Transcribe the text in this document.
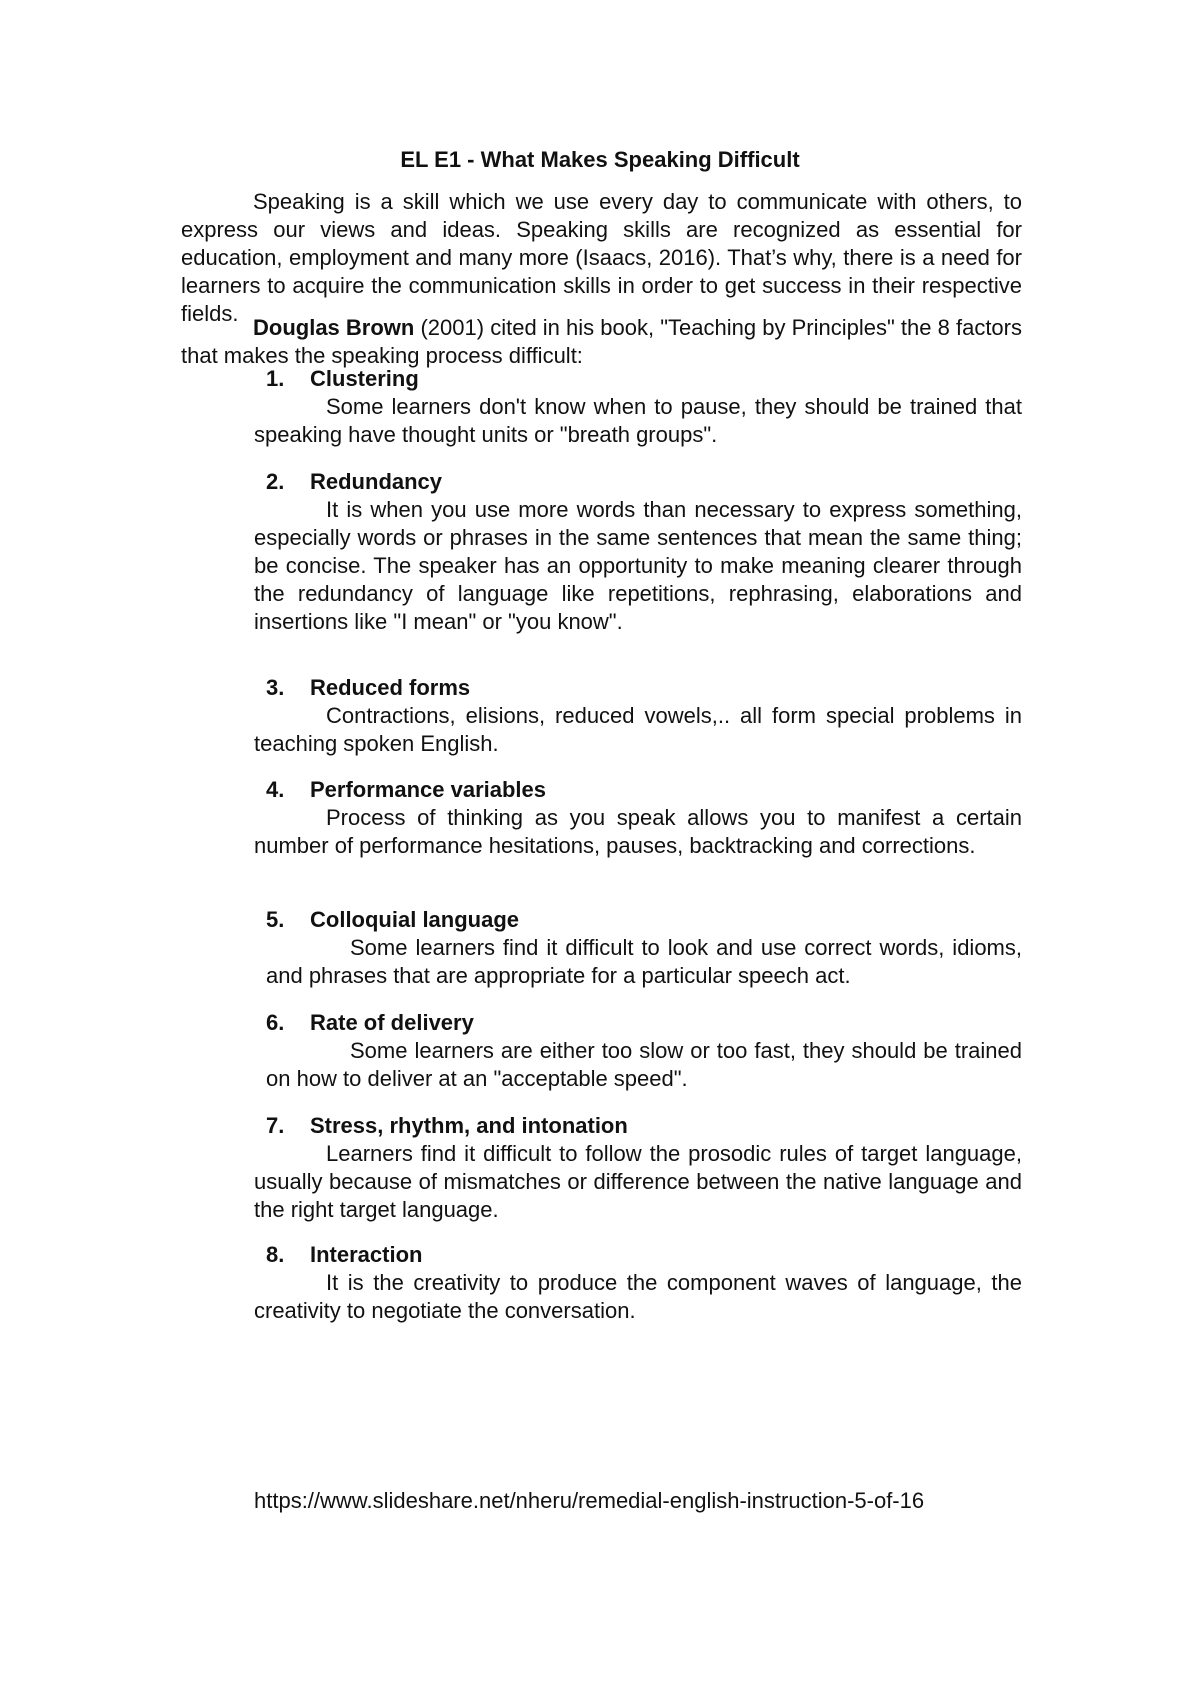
EL E1 - What Makes Speaking Difficult

Speaking is a skill which we use every day to communicate with others, to express our views and ideas. Speaking skills are recognized as essential for education, employment and many more (Isaacs, 2016). That’s why, there is a need for learners to acquire the communication skills in order to get success in their respective fields.

Douglas Brown (2001) cited in his book, "Teaching by Principles" the 8 factors that makes the speaking process difficult:

1. Clustering

Some learners don't know when to pause, they should be trained that speaking have thought units or "breath groups".

2. Redundancy

It is when you use more words than necessary to express something, especially words or phrases in the same sentences that mean the same thing; be concise. The speaker has an opportunity to make meaning clearer through the redundancy of language like repetitions, rephrasing, elaborations and insertions like "I mean" or "you know".

3. Reduced forms

Contractions, elisions, reduced vowels,.. all form special problems in teaching spoken English.

4. Performance variables

Process of thinking as you speak allows you to manifest a certain number of performance hesitations, pauses, backtracking and corrections.

5. Colloquial language

Some learners find it difficult to look and use correct words, idioms, and phrases that are appropriate for a particular speech act.

6. Rate of delivery

Some learners are either too slow or too fast, they should be trained on how to deliver at an "acceptable speed".

7. Stress, rhythm, and intonation

Learners find it difficult to follow the prosodic rules of target language, usually because of mismatches or difference between the native language and the right target language.

8. Interaction

It is the creativity to produce the component waves of language, the creativity to negotiate the conversation.

https://www.slideshare.net/nheru/remedial-english-instruction-5-of-16
